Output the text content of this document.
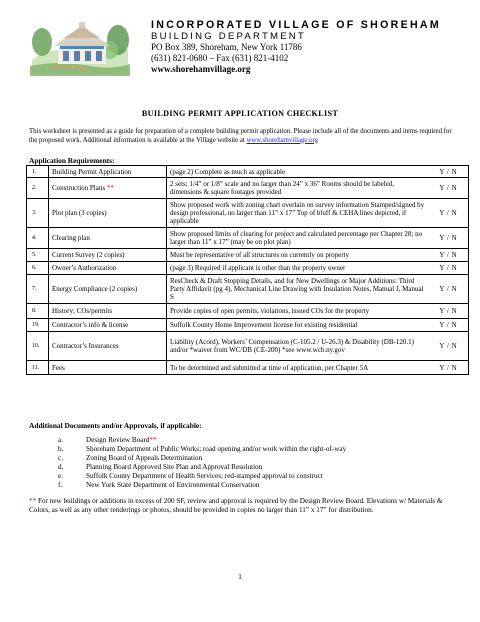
INCORPORATED VILLAGE OF SHOREHAM
BUILDING DEPARTMENT
PO Box 389, Shoreham, New York 11786
(631) 821-0680 – Fax (631) 821-4102
www.shorehamvillage.org
BUILDING PERMIT APPLICATION CHECKLIST
This worksheet is presented as a guide for preparation of a complete building permit application. Please include all of the documents and items required for the proposed work. Additional information is available at the Village website at www.shorehamvillage.org
Application Requirements:
1.	Building Permit Application	(page 2) Complete as much as applicable	Y / N
2.	Construction Plans **	2 sets; 1/4” or 1/8” scale and no larger than 24” x 36” Rooms should be labeled, dimensions & square footages provided	Y / N
3.	Plot plan (3 copies)	Show proposed work with zoning chart overlain on survey information Stamped/signed by design professional, no larger than 11” x 17” Top of bluff & CEHA lines depicted, if applicable	Y / N
4.	Clearing plan	Show proposed limits of clearing for project and calculated percentage per Chapter 28; no larger than 11” x 17” (may be on plot plan)	Y / N
5.	Current Survey (2 copies)	Must be representative of all structures on currently on property	Y / N
6.	Owner’s Authorization	(page 3) Required if applicant is other than the property owner	Y / N
7.	Energy Compliance (2 copies)	ResCheck & Draft Stopping Details, and for New Dwellings or Major Additions: Third Party Affidavit (pg 4), Mechanical Line Drawing with Insulation Notes, Manual J, Manual S	Y / N
8.	History; COs/permits	Provide copies of open permits, violations, issued COs for the property	Y / N
19.	Contractor’s info & license	Suffolk County Home Improvement license for existing residential	Y / N
10.	Contractor’s Insurances	Liability (Acord), Workers’ Compensation (C-105.2 / U-26.3) & Disability (DB-120.1) and/or *waiver from WC/DB (CE-200) *see www.wcb.ny.gov	Y / N
11.	Fees	To be determined and submitted at time of application, per Chapter 5A	Y / N
Additional Documents and/or Approvals, if applicable:
a.	Design Review Board**
b.	Shoreham Department of Public Works; road opening and/or work within the right-of-way
c.	Zoning Board of Appeals Determination
d.	Planning Board Approved Site Plan and Approval Resolution
e.	Suffolk County Department of Health Services; red-stamped approval to construct
f.	New York State Department of Environmental Conservation
** For new buildings or additions in excess of 200 SF, review and approval is required by the Design Review Board. Elevations w/ Materials & Colors, as well as any other renderings or photos, should be provided in copies no larger than 11” x 17” for distribution.
1
